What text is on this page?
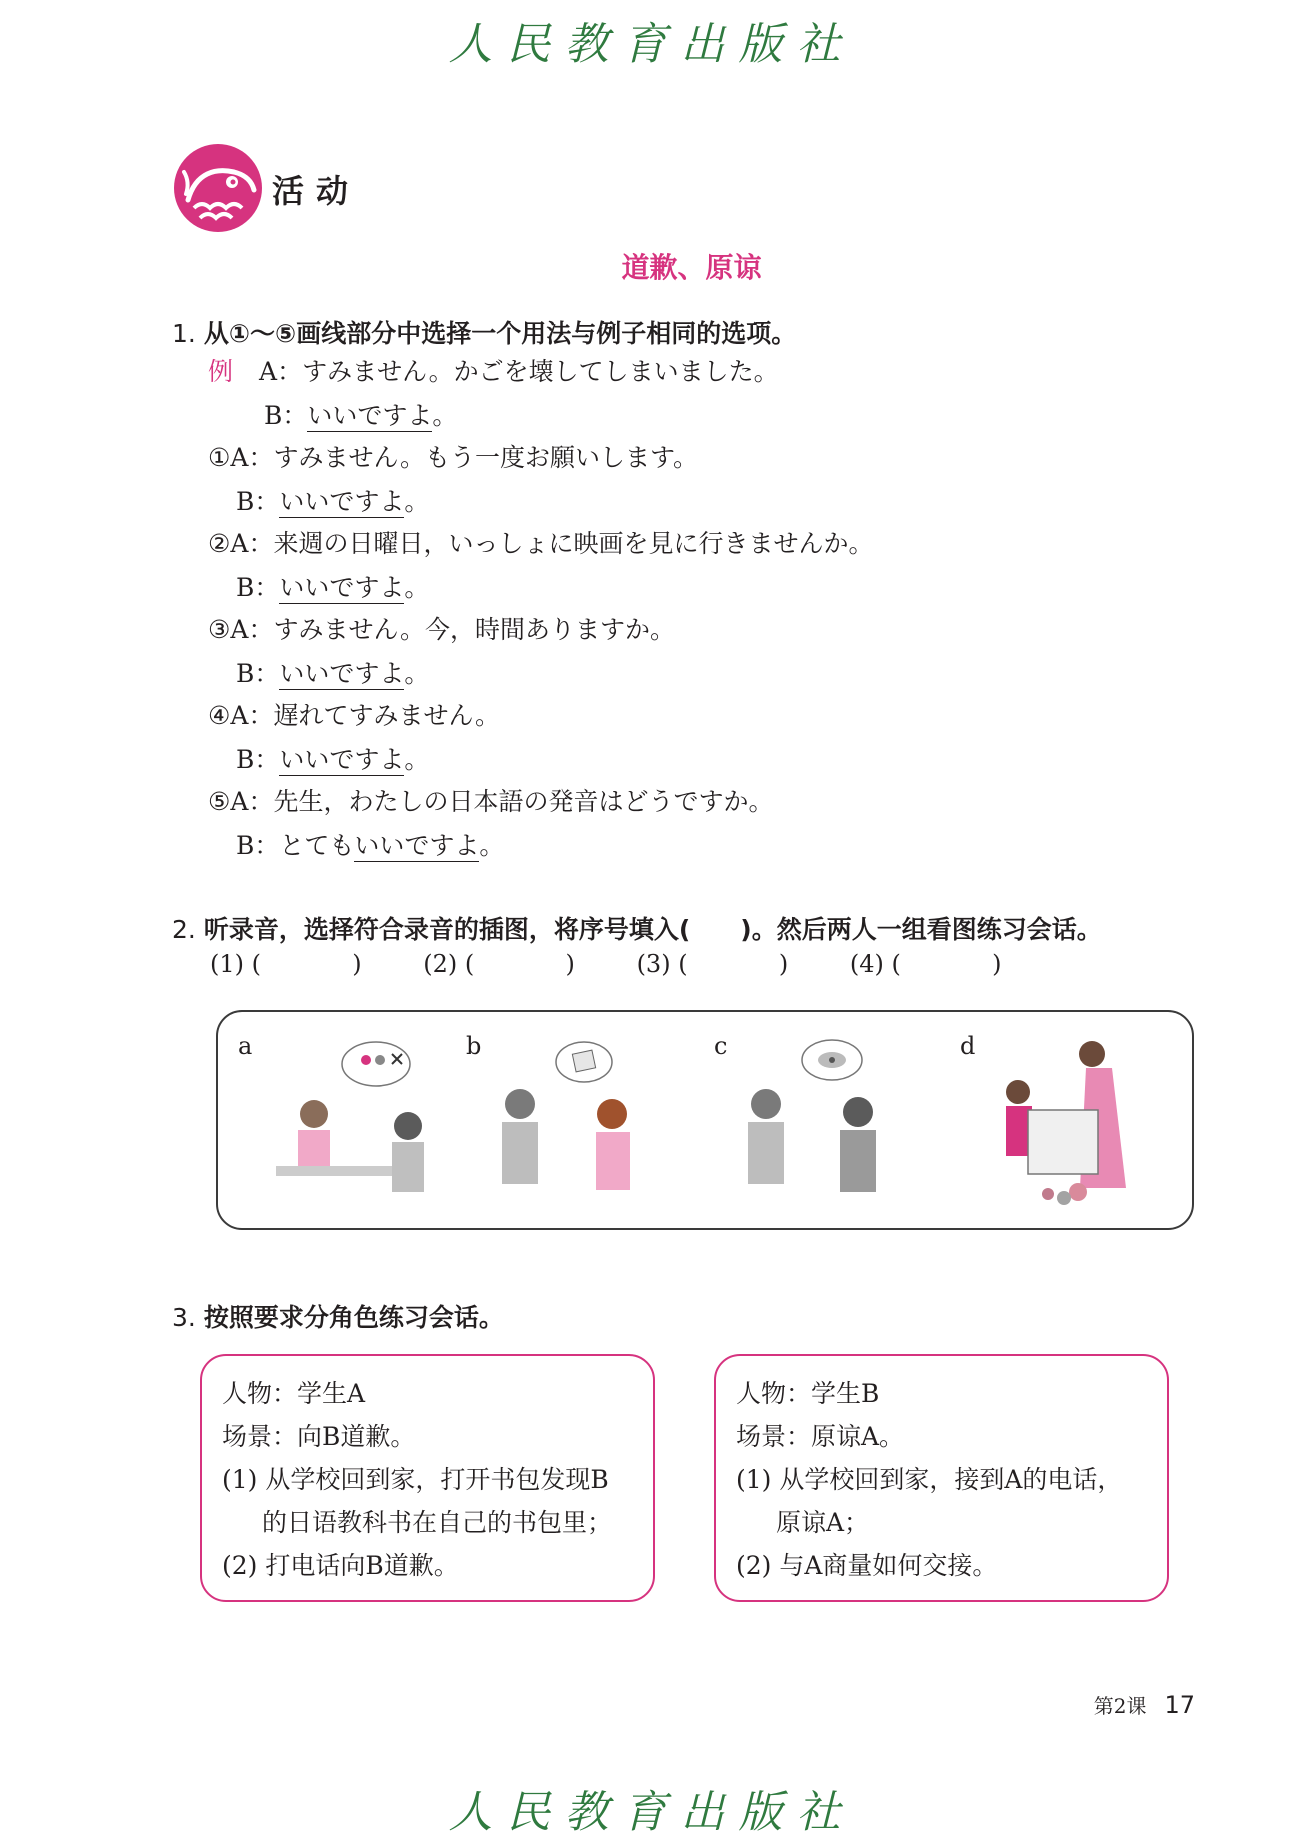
人民教育出版社
活动
道歉、原谅
1. 从①～⑤画线部分中选择一个用法与例子相同的选项。
例 A：すみません。かごを壊してしまいました。
B：いいですよ。
①A：すみません。もう一度お願いします。
B：いいですよ。
②A：来週の日曜日，いっしょに映画を見に行きませんか。
B：いいですよ。
③A：すみません。今，時間ありますか。
B：いいですよ。
④A：遅れてすみません。
B：いいですよ。
⑤A：先生，わたしの日本語の発音はどうですか。
B：とてもいいですよ。
2. 听录音，选择符合录音的插图，将序号填入(　　)。然后两人一组看图练习会话。
(1) (	)	(2) (	)	(3) (	)	(4) (	)
a	b	c	d
3. 按照要求分角色练习会话。
人物：学生A
场景：向B道歉。
(1) 从学校回到家，打开书包发现B
的日语教科书在自己的书包里；
(2) 打电话向B道歉。
人物：学生B
场景：原谅A。
(1) 从学校回到家，接到A的电话，
原谅A；
(2) 与A商量如何交接。
第2课 17
人民教育出版社
